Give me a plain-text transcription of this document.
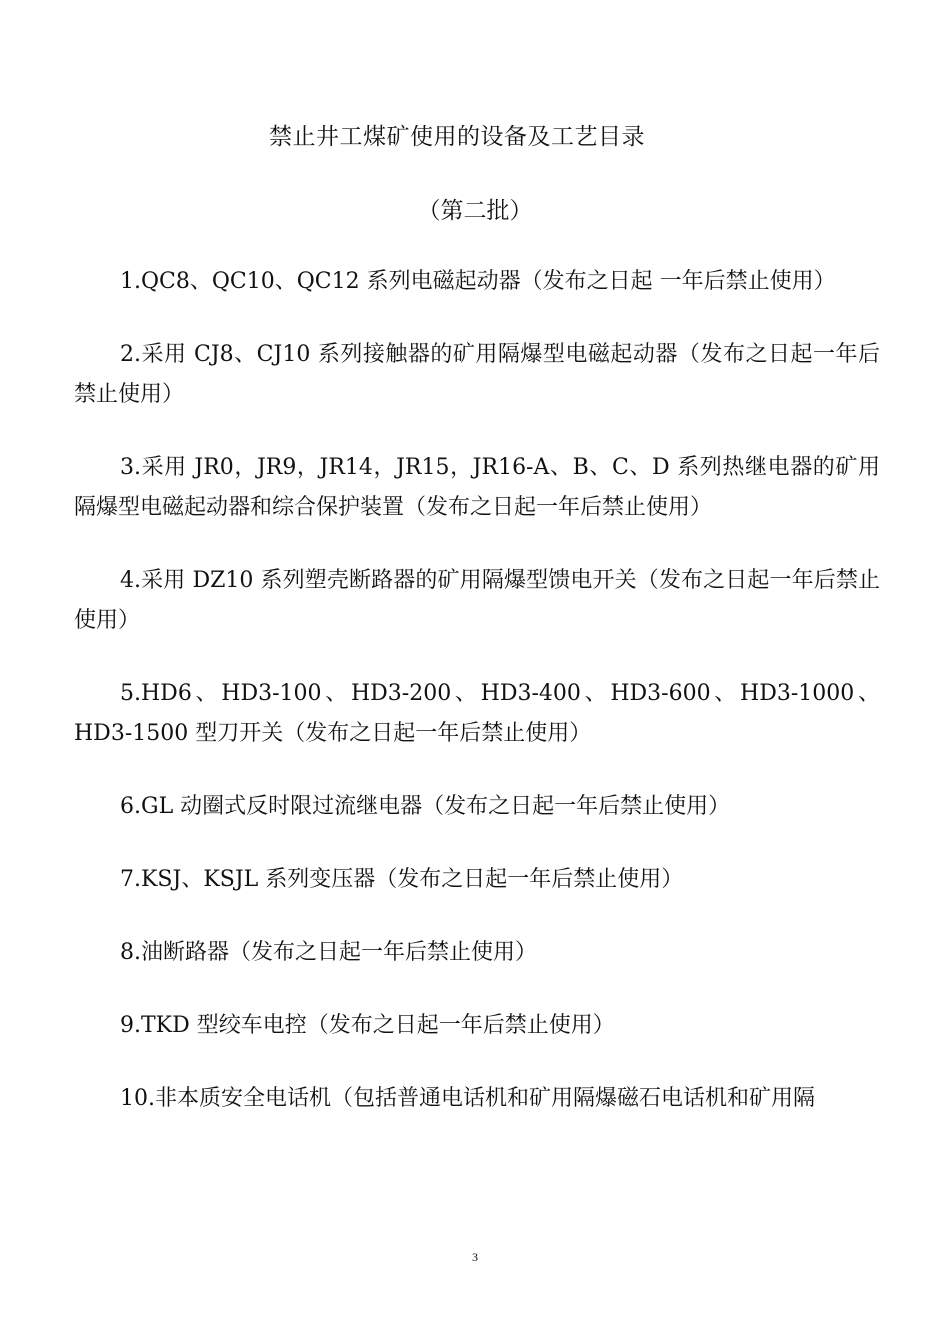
禁止井工煤矿使用的设备及工艺目录
（第二批）

1.QC8、QC10、QC12 系列电磁起动器（发布之日起 一年后禁止使用）

2.采用 CJ8、CJ10 系列接触器的矿用隔爆型电磁起动器（发布之日起一年后禁止使用）

3.采用 JR0，JR9，JR14，JR15，JR16-A、B、C、D 系列热继电器的矿用隔爆型电磁起动器和综合保护装置（发布之日起一年后禁止使用）

4.采用 DZ10 系列塑壳断路器的矿用隔爆型馈电开关（发布之日起一年后禁止使用）

5.HD6、HD3-100、HD3-200、HD3-400、HD3-600、HD3-1000、HD3-1500 型刀开关（发布之日起一年后禁止使用）

6.GL 动圈式反时限过流继电器（发布之日起一年后禁止使用）

7.KSJ、KSJL 系列变压器（发布之日起一年后禁止使用）

8.油断路器（发布之日起一年后禁止使用）

9.TKD 型绞车电控（发布之日起一年后禁止使用）

10.非本质安全电话机（包括普通电话机和矿用隔爆磁石电话机和矿用隔

3
